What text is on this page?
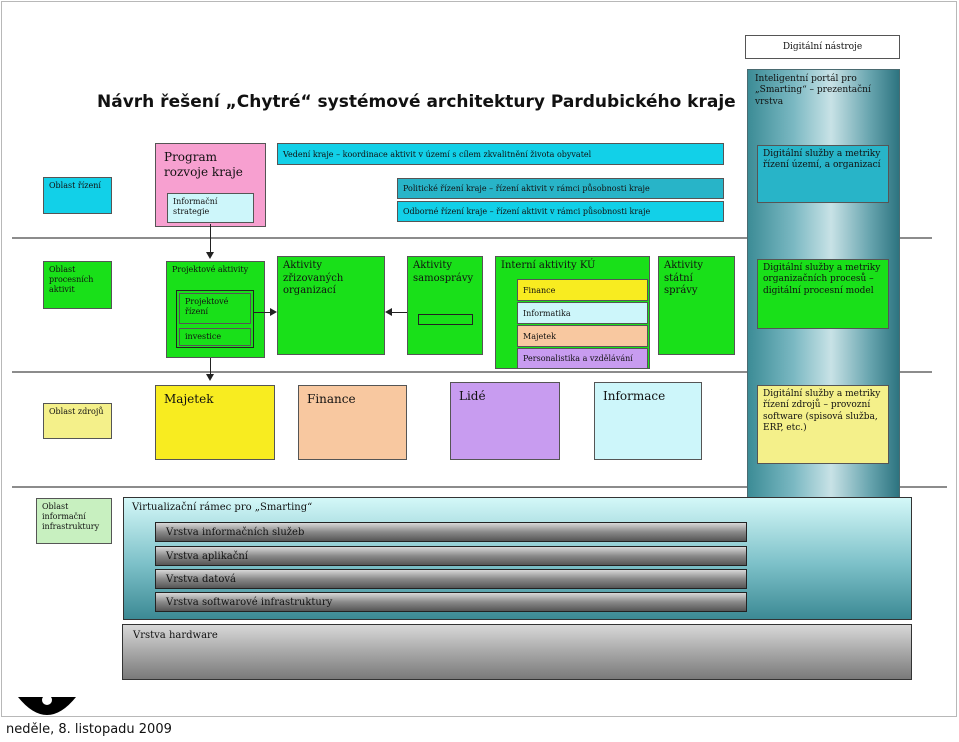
Návrh řešení „Chytré“ systémové architektury Pardubického kraje
Digitální nástroje
Inteligentní portál pro „Smarting“ – prezentační vrstva
Digitální služby a metriky řízení území, a organizací
Digitální služby a metriky organizačních procesů – digitální procesní model
Digitální služby a metriky řízení zdrojů – provozní software (spisová služba, ERP, etc.)
Oblast řízení
Oblast procesních aktivit
Oblast zdrojů
Oblast informační infrastruktury
Program rozvoje kraje
Informační strategie
Vedení kraje – koordinace aktivit v území s cílem zkvalitnění života obyvatel
Politické řízení kraje – řízení aktivit v rámci působnosti kraje
Odborné řízení kraje – řízení aktivit v rámci působnosti kraje
Projektové aktivity
Projektové řízení
investice
Aktivity zřizovaných organizací
Aktivity samosprávy
Interní aktivity KÚ
Finance
Informatika
Majetek
Personalistika a vzdělávání
Aktivity státní správy
Majetek	Finance	Lidé	Informace
Virtualizační rámec pro „Smarting“
Vrstva informačních služeb
Vrstva aplikační
Vrstva datová
Vrstva softwarové infrastruktury
Vrstva hardware
neděle, 8. listopadu 2009
